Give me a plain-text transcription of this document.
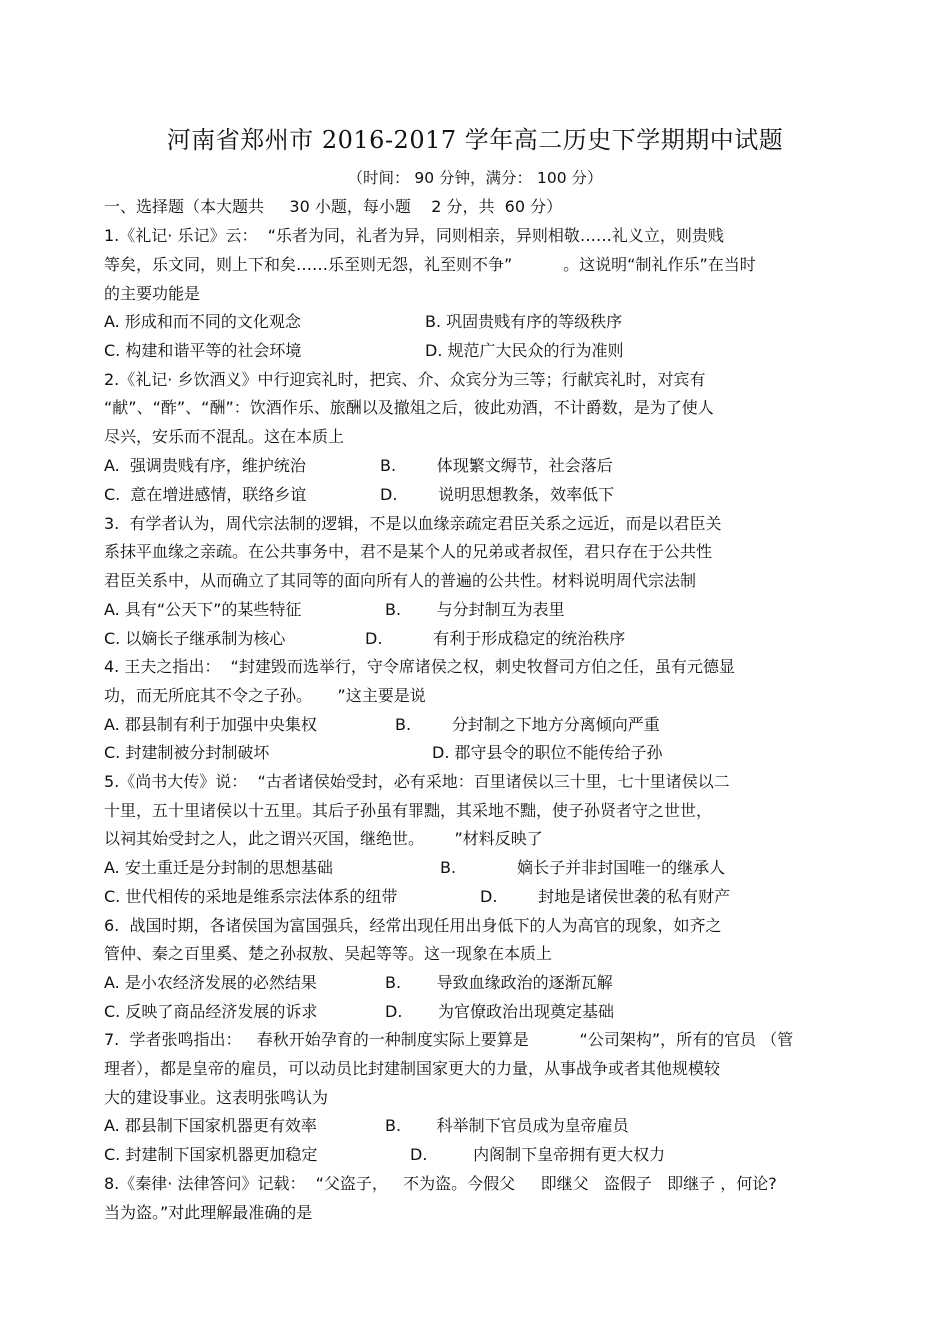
河南省郑州市 2016-2017 学年高二历史下学期期中试题
（时间： 90 分钟，满分： 100 分）
一、选择题（本大题共     30 小题，每小题    2 分，共  60 分）
1.《礼记· 乐记》云：  “乐者为同，礼者为异，同则相亲，异则相敬……礼义立，则贵贱
等矣，乐文同，则上下和矣……乐至则无怨，礼至则不争”          。这说明“制礼作乐”在当时
的主要功能是
A. 形成和而不同的文化观念	B. 巩固贵贱有序的等级秩序
C. 构建和谐平等的社会环境	D. 规范广大民众的行为准则
2.《礼记· 乡饮酒义》中行迎宾礼时，把宾、介、众宾分为三等；行献宾礼时，对宾有
“献”、“酢”、“酬”：饮酒作乐、旅酬以及撤俎之后，彼此劝酒，不计爵数，是为了使人
尽兴，安乐而不混乱。这在本质上
A.  强调贵贱有序，维护统治	B.        体现繁文缛节，社会落后
C.  意在增进感情，联络乡谊	D.        说明思想教条，效率低下
3.  有学者认为，周代宗法制的逻辑，不是以血缘亲疏定君臣关系之远近，而是以君臣关
系抹平血缘之亲疏。在公共事务中，君不是某个人的兄弟或者叔侄，君只存在于公共性
君臣关系中，从而确立了其同等的面向所有人的普遍的公共性。材料说明周代宗法制
A. 具有“公天下”的某些特征	B.       与分封制互为表里
C. 以嫡长子继承制为核心	D.          有利于形成稳定的统治秩序
4. 王夫之指出：  “封建毁而选举行，守令席诸侯之权，刺史牧督司方伯之任，虽有元德显
功，而无所庇其不令之子孙。     ”这主要是说
A. 郡县制有利于加强中央集权	B.        分封制之下地方分离倾向严重
C. 封建制被分封制破坏	D. 郡守县令的职位不能传给子孙
5.《尚书大传》说：  “古者诸侯始受封，必有采地：百里诸侯以三十里，七十里诸侯以二
十里，五十里诸侯以十五里。其后子孙虽有罪黜，其采地不黜，使子孙贤者守之世世，
以祠其始受封之人，此之谓兴灭国，继绝世。      ”材料反映了
A. 安土重迁是分封制的思想基础	B.            嫡长子并非封国唯一的继承人
C. 世代相传的采地是维系宗法体系的纽带	D.        封地是诸侯世袭的私有财产
6.  战国时期，各诸侯国为富国强兵，经常出现任用出身低下的人为高官的现象，如齐之
管仲、秦之百里奚、楚之孙叔敖、吴起等等。这一现象在本质上
A. 是小农经济发展的必然结果	B.       导致血缘政治的逐渐瓦解
C. 反映了商品经济发展的诉求	D.       为官僚政治出现奠定基础
7.  学者张鸣指出：   春秋开始孕育的一种制度实际上要算是          “公司架构”，所有的官员 （管
理者），都是皇帝的雇员，可以动员比封建制国家更大的力量，从事战争或者其他规模较
大的建设事业。这表明张鸣认为
A. 郡县制下国家机器更有效率	B.       科举制下官员成为皇帝雇员
C. 封建制下国家机器更加稳定	D.         内阁制下皇帝拥有更大权力
8.《秦律· 法律答问》记载：  “父盗子，   不为盗。今假父     即继父   盗假子   即继子 ，何论?
当为盗。”对此理解最准确的是
